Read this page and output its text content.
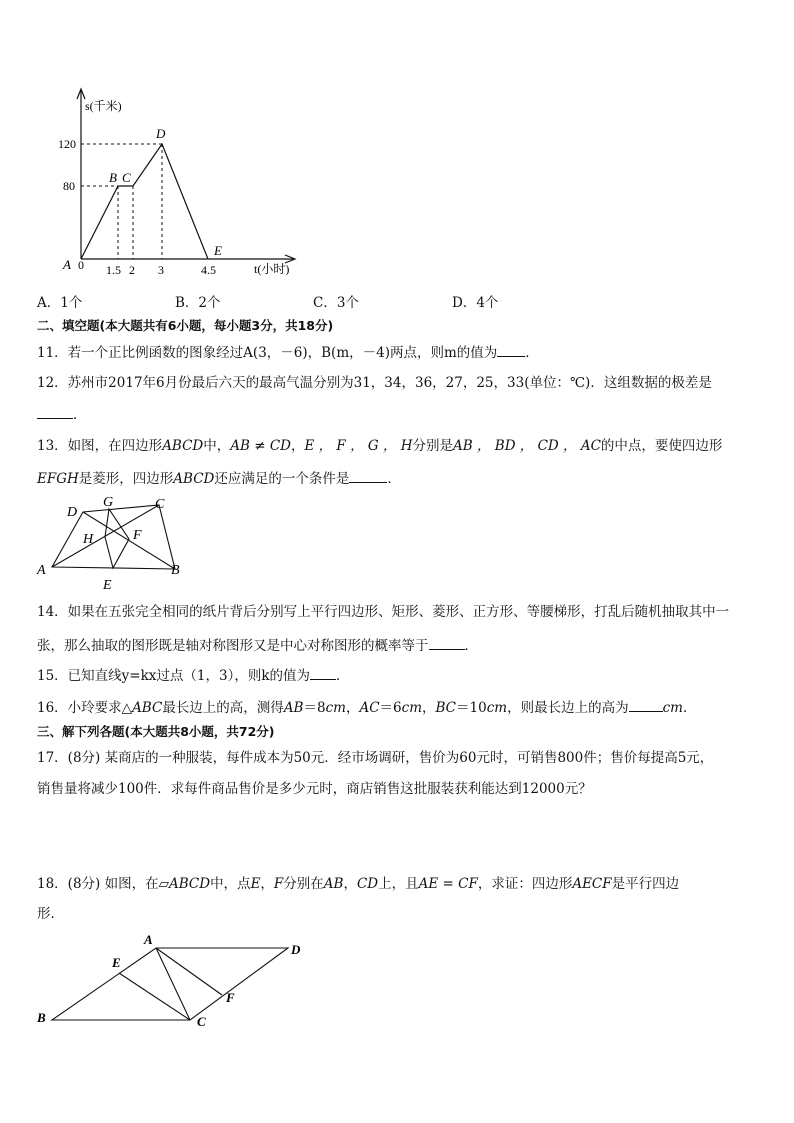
s(千米)
120
80
D
B C
E
A 0 1.5 2 3	4.5	t(小时)
A．1个	B．2个	C．3个	D．4个
二、填空题(本大题共有6小题，每小题3分，共18分)
11．若一个正比例函数的图象经过A(3，－6)，B(m，－4)两点，则m的值为 ．
12．苏州市2017年6月份最后六天的最高气温分别为31，34，36，27，25，33(单位：℃)．这组数据的极差是
．
13．如图，在四边形ABCD中，AB ≠ CD，E ， F ， G ， H分别是AB ， BD ， CD ， AC的中点，要使四边形
EFGH是菱形，四边形ABCD还应满足的一个条件是	．
A	B
C
D
E
F
G
H
14．如果在五张完全相同的纸片背后分别写上平行四边形、矩形、菱形、正方形、等腰梯形，打乱后随机抽取其中一
张，那么抽取的图形既是轴对称图形又是中心对称图形的概率等于	．
15．已知直线y=kx过点（1，3），则k的值为 ．
16．小玲要求△ABC最长边上的高，测得AB＝8cm，AC＝6cm，BC＝10cm，则最长边上的高为	cm．
三、解下列各题(本大题共8小题，共72分)
17．(8分) 某商店的一种服装，每件成本为50元．经市场调研，售价为60元时，可销售800件；售价每提高5元，
销售量将减少100件．求每件商品售价是多少元时，商店销售这批服装获利能达到12000元？
18．(8分) 如图，在▱ABCD中，点E，F分别在AB，CD上，且AE = CF，求证：四边形AECF是平行四边
形．
A
B	C
D
E
F
